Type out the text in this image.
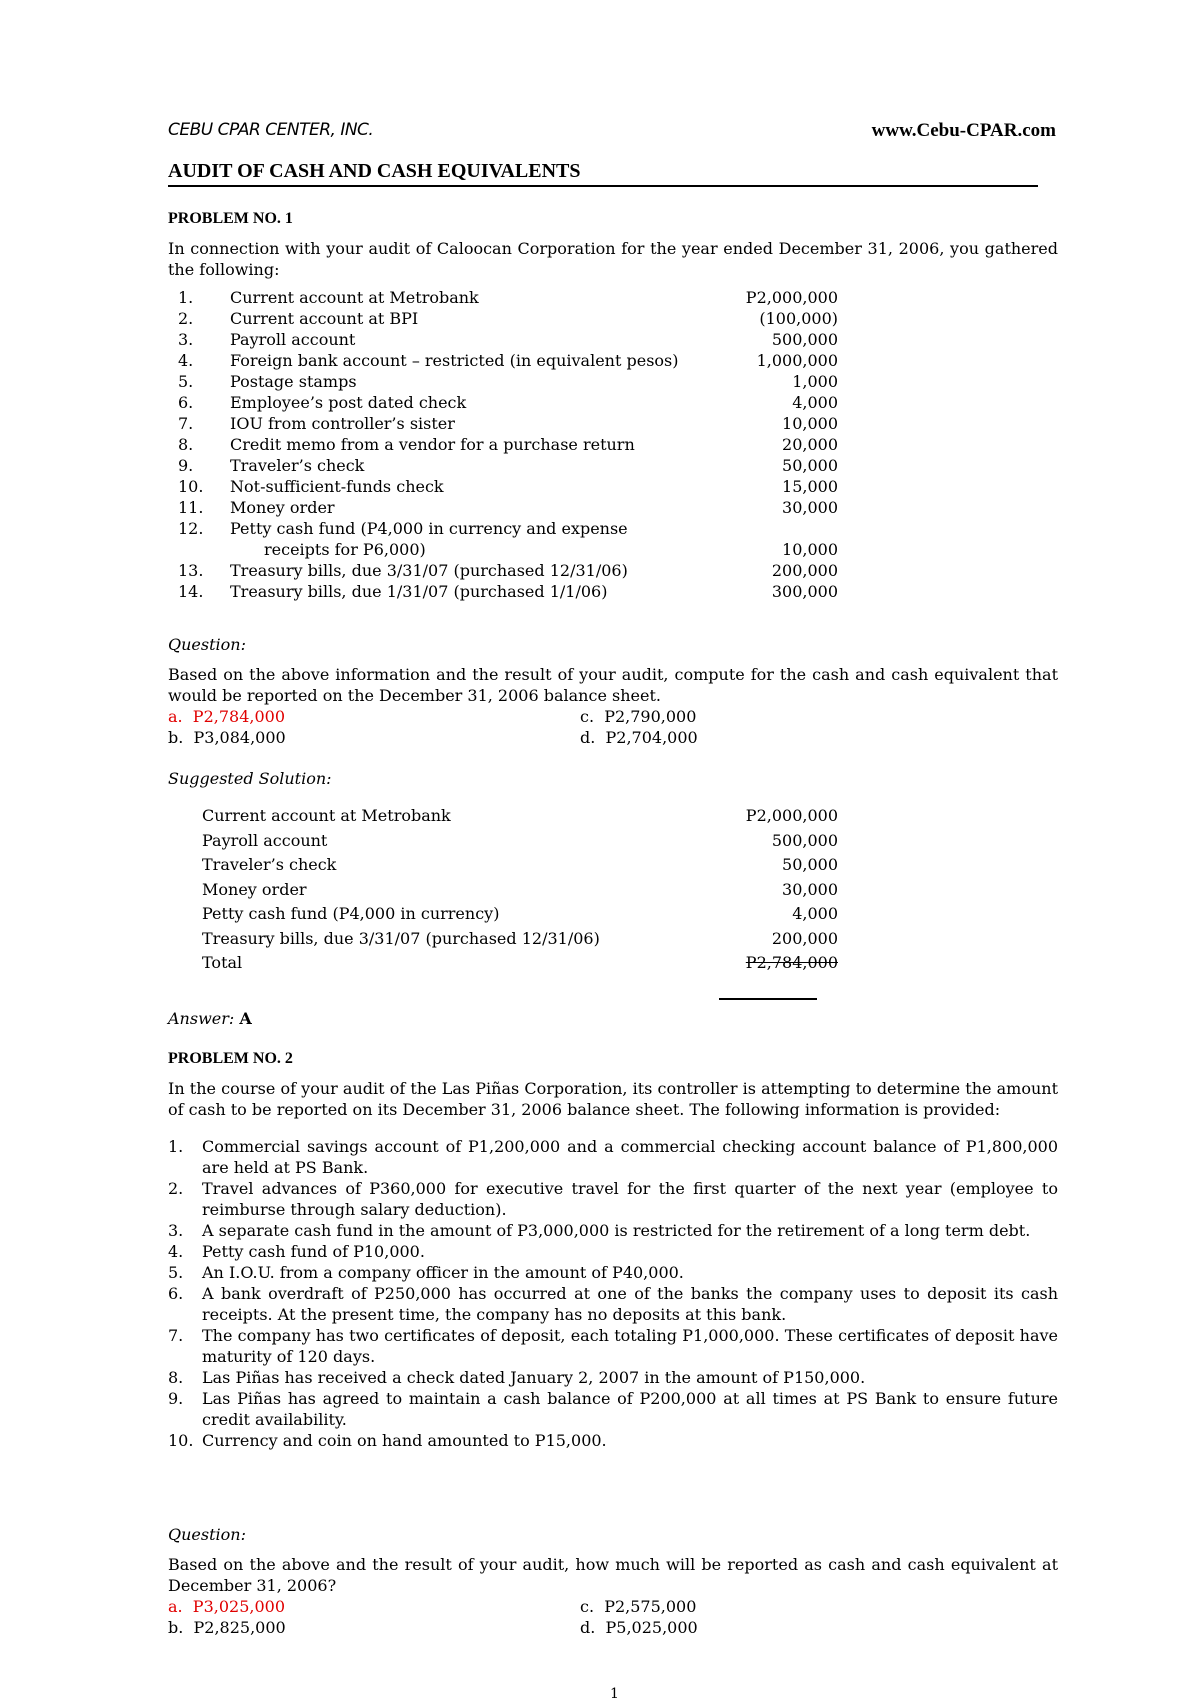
CEBU CPAR CENTER, INC.	www.Cebu-CPAR.com
AUDIT OF CASH AND CASH EQUIVALENTS
PROBLEM NO. 1
In connection with your audit of Caloocan Corporation for the year ended December 31, 2006, you gathered the following:
1.	Current account at Metrobank	P2,000,000
2.	Current account at BPI	(100,000)
3.	Payroll account	500,000
4.	Foreign bank account – restricted (in equivalent pesos)	1,000,000
5.	Postage stamps	1,000
6.	Employee’s post dated check	4,000
7.	IOU from controller’s sister	10,000
8.	Credit memo from a vendor for a purchase return	20,000
9.	Traveler’s check	50,000
10.	Not-sufficient-funds check	15,000
11.	Money order	30,000
12.	Petty cash fund (P4,000 in currency and expense
receipts for P6,000)	10,000
13.	Treasury bills, due 3/31/07 (purchased 12/31/06)	200,000
14.	Treasury bills, due 1/31/07 (purchased 1/1/06)	300,000
Question:
Based on the above information and the result of your audit, compute for the cash and cash equivalent that would be reported on the December 31, 2006 balance sheet.
a. P2,784,000	c. P2,790,000
b. P3,084,000	d. P2,704,000
Suggested Solution:
Current account at Metrobank	P2,000,000
Payroll account	500,000
Traveler’s check	50,000
Money order	30,000
Petty cash fund (P4,000 in currency)	4,000
Treasury bills, due 3/31/07 (purchased 12/31/06)	200,000
Total	P2,784,000
Answer: A
PROBLEM NO. 2
In the course of your audit of the Las Piñas Corporation, its controller is attempting to determine the amount of cash to be reported on its December 31, 2006 balance sheet. The following information is provided:
1. Commercial savings account of P1,200,000 and a commercial checking account balance of P1,800,000 are held at PS Bank.
2. Travel advances of P360,000 for executive travel for the first quarter of the next year (employee to reimburse through salary deduction).
3. A separate cash fund in the amount of P3,000,000 is restricted for the retirement of a long term debt.
4. Petty cash fund of P10,000.
5. An I.O.U. from a company officer in the amount of P40,000.
6. A bank overdraft of P250,000 has occurred at one of the banks the company uses to deposit its cash receipts. At the present time, the company has no deposits at this bank.
7. The company has two certificates of deposit, each totaling P1,000,000. These certificates of deposit have maturity of 120 days.
8. Las Piñas has received a check dated January 2, 2007 in the amount of P150,000.
9. Las Piñas has agreed to maintain a cash balance of P200,000 at all times at PS Bank to ensure future credit availability.
10. Currency and coin on hand amounted to P15,000.
Question:
Based on the above and the result of your audit, how much will be reported as cash and cash equivalent at December 31, 2006?
a. P3,025,000	c. P2,575,000
b. P2,825,000	d. P5,025,000
1
